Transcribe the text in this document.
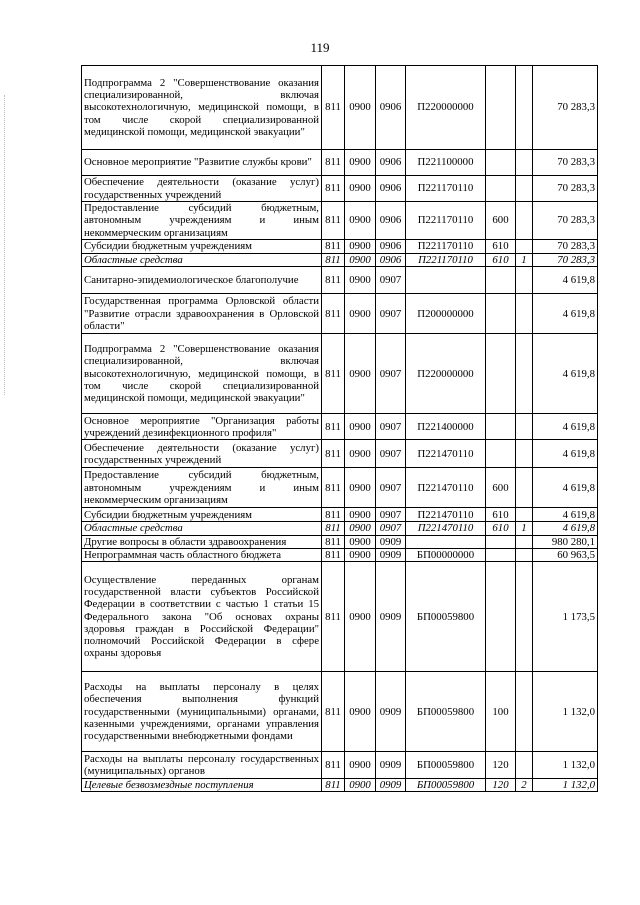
119
Подпрограмма 2 "Совершенствование оказания специализированной, включая высокотехнологичную, медицинской помощи, в том числе скорой специализированной медицинской помощи, медицинской эвакуации"	811	0900	0906	П220000000			70 283,3
Основное мероприятие "Развитие службы крови"	811	0900	0906	П221100000			70 283,3
Обеспечение деятельности (оказание услуг) государственных учреждений	811	0900	0906	П221170110			70 283,3
Предоставление субсидий бюджетным, автономным учреждениям и иным некоммерческим организациям	811	0900	0906	П221170110	600		70 283,3
Субсидии бюджетным учреждениям	811	0900	0906	П221170110	610		70 283,3
Областные средства	811	0900	0906	П221170110	610	1	70 283,3
Санитарно-эпидемиологическое благополучие	811	0900	0907				4 619,8
Государственная программа Орловской области "Развитие отрасли здравоохранения в Орловской области"	811	0900	0907	П200000000			4 619,8
Подпрограмма 2 "Совершенствование оказания специализированной, включая высокотехнологичную, медицинской помощи, в том числе скорой специализированной медицинской помощи, медицинской эвакуации"	811	0900	0907	П220000000			4 619,8
Основное мероприятие "Организация работы учреждений дезинфекционного профиля"	811	0900	0907	П221400000			4 619,8
Обеспечение деятельности (оказание услуг) государственных учреждений	811	0900	0907	П221470110			4 619,8
Предоставление субсидий бюджетным, автономным учреждениям и иным некоммерческим организациям	811	0900	0907	П221470110	600		4 619,8
Субсидии бюджетным учреждениям	811	0900	0907	П221470110	610		4 619,8
Областные средства	811	0900	0907	П221470110	610	1	4 619,8
Другие вопросы в области здравоохранения	811	0900	0909				980 280,1
Непрограммная часть областного бюджета	811	0900	0909	БП00000000			60 963,5
Осуществление переданных органам государственной власти субъектов Российской Федерации в соответствии с частью 1 статьи 15 Федерального закона "Об основах охраны здоровья граждан в Российской Федерации" полномочий Российской Федерации в сфере охраны здоровья	811	0900	0909	БП00059800			1 173,5
Расходы на выплаты персоналу в целях обеспечения выполнения функций государственными (муниципальными) органами, казенными учреждениями, органами управления государственными внебюджетными фондами	811	0900	0909	БП00059800	100		1 132,0
Расходы на выплаты персоналу государственных (муниципальных) органов	811	0900	0909	БП00059800	120		1 132,0
Целевые безвозмездные поступления	811	0900	0909	БП00059800	120	2	1 132,0
